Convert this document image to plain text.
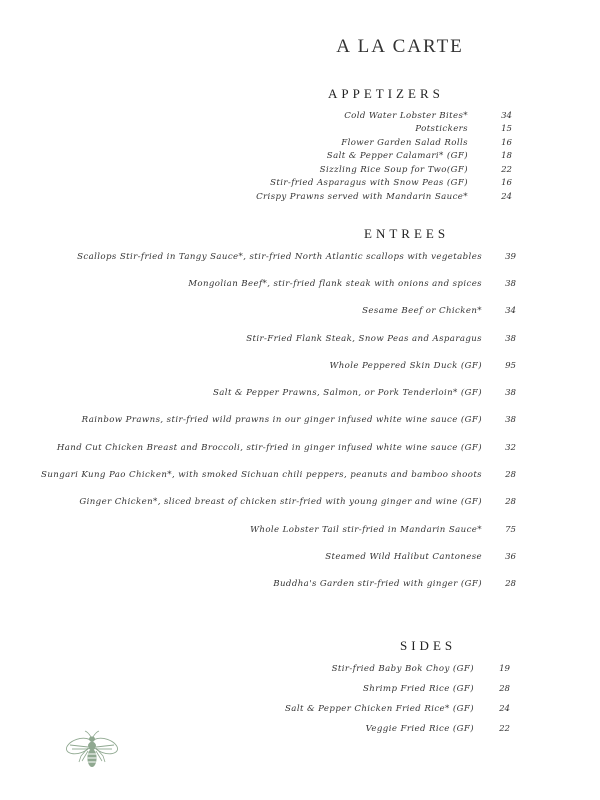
A LA CARTE
APPETIZERS
Cold Water Lobster Bites*	34
Potstickers	15
Flower Garden Salad Rolls	16
Salt & Pepper Calamari* (GF)	18
Sizzling Rice Soup for Two(GF)	22
Stir-fried Asparagus with Snow Peas (GF)	16
Crispy Prawns served with Mandarin Sauce*	24
ENTREES
Scallops Stir-fried in Tangy Sauce*, stir-fried North Atlantic scallops with vegetables	39
Mongolian Beef*, stir-fried flank steak with onions and spices	38
Sesame Beef or Chicken*	34
Stir-Fried Flank Steak, Snow Peas and Asparagus	38
Whole Peppered Skin Duck (GF)	95
Salt & Pepper Prawns, Salmon, or Pork Tenderloin* (GF)	38
Rainbow Prawns, stir-fried wild prawns in our ginger infused white wine sauce (GF)	38
Hand Cut Chicken Breast and Broccoli, stir-fried in ginger infused white wine sauce (GF)	32
Sungari Kung Pao Chicken*, with smoked Sichuan chili peppers, peanuts and bamboo shoots	28
Ginger Chicken*, sliced breast of chicken stir-fried with young ginger and wine (GF)	28
Whole Lobster Tail stir-fried in Mandarin Sauce*	75
Steamed Wild Halibut Cantonese	36
Buddha's Garden stir-fried with ginger (GF)	28
SIDES
Stir-fried Baby Bok Choy (GF)	19
Shrimp Fried Rice (GF)	28
Salt & Pepper Chicken Fried Rice* (GF)	24
Veggie Fried Rice (GF)	22
